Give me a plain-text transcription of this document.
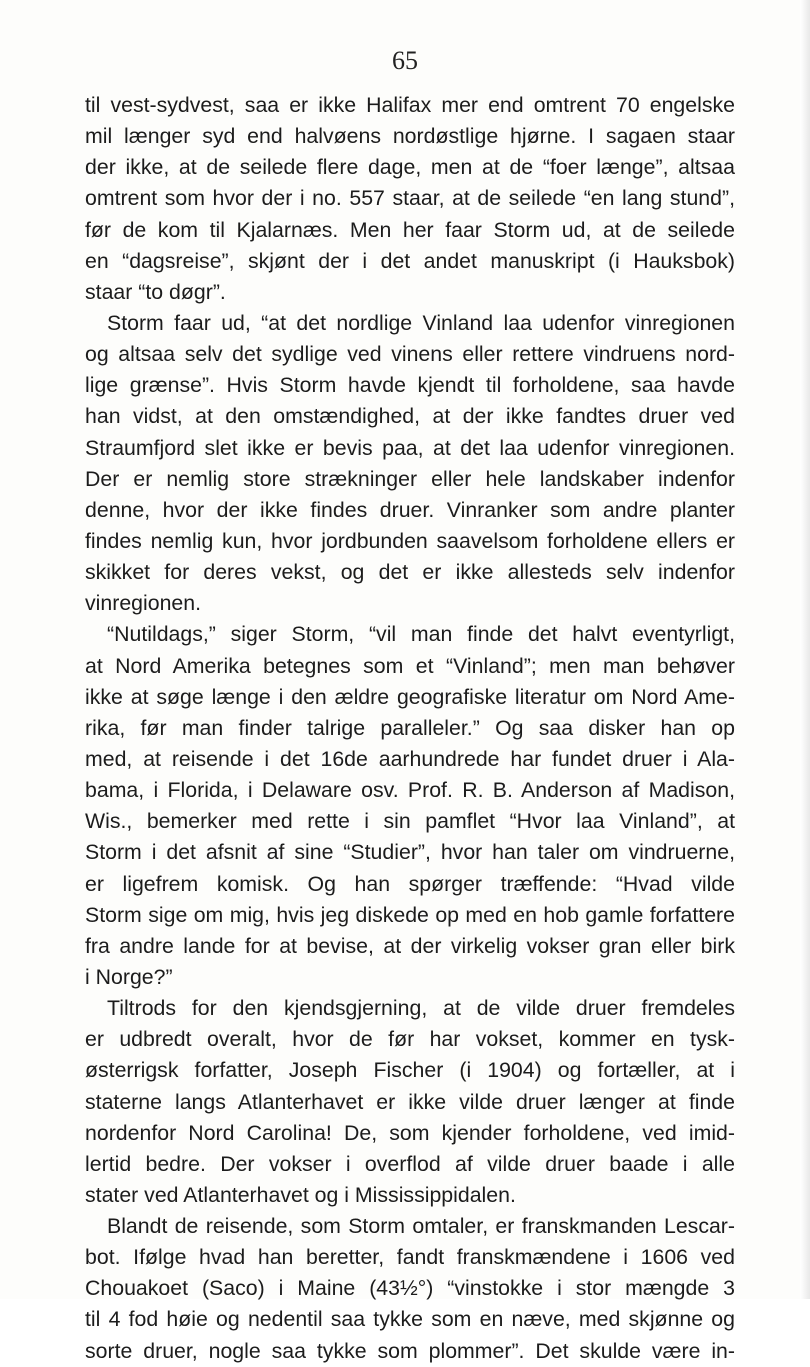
65
til vest-sydvest, saa er ikke Halifax mer end omtrent 70 engelske
mil længer syd end halvøens nordøstlige hjørne. I sagaen staar
der ikke, at de seilede flere dage, men at de “foer længe”, altsaa
omtrent som hvor der i no. 557 staar, at de seilede “en lang stund”,
før de kom til Kjalarnæs. Men her faar Storm ud, at de seilede
en “dagsreise”, skjønt der i det andet manuskript (i Hauksbok)
staar “to døgr”.
Storm faar ud, “at det nordlige Vinland laa udenfor vinregionen
og altsaa selv det sydlige ved vinens eller rettere vindruens nord-
lige grænse”. Hvis Storm havde kjendt til forholdene, saa havde
han vidst, at den omstændighed, at der ikke fandtes druer ved
Straumfjord slet ikke er bevis paa, at det laa udenfor vinregionen.
Der er nemlig store strækninger eller hele landskaber indenfor
denne, hvor der ikke findes druer. Vinranker som andre planter
findes nemlig kun, hvor jordbunden saavelsom forholdene ellers er
skikket for deres vekst, og det er ikke allesteds selv indenfor
vinregionen.
“Nutildags,” siger Storm, “vil man finde det halvt eventyrligt,
at Nord Amerika betegnes som et “Vinland”; men man behøver
ikke at søge længe i den ældre geografiske literatur om Nord Ame-
rika, før man finder talrige paralleler.” Og saa disker han op
med, at reisende i det 16de aarhundrede har fundet druer i Ala-
bama, i Florida, i Delaware osv. Prof. R. B. Anderson af Madison,
Wis., bemerker med rette i sin pamflet “Hvor laa Vinland”, at
Storm i det afsnit af sine “Studier”, hvor han taler om vindruerne,
er ligefrem komisk. Og han spørger træffende: “Hvad vilde
Storm sige om mig, hvis jeg diskede op med en hob gamle forfattere
fra andre lande for at bevise, at der virkelig vokser gran eller birk
i Norge?”
Tiltrods for den kjendsgjerning, at de vilde druer fremdeles
er udbredt overalt, hvor de før har vokset, kommer en tysk-
østerrigsk forfatter, Joseph Fischer (i 1904) og fortæller, at i
staterne langs Atlanterhavet er ikke vilde druer længer at finde
nordenfor Nord Carolina! De, som kjender forholdene, ved imid-
lertid bedre. Der vokser i overflod af vilde druer baade i alle
stater ved Atlanterhavet og i Mississippidalen.
Blandt de reisende, som Storm omtaler, er franskmanden Lescar-
bot. Ifølge hvad han beretter, fandt franskmændene i 1606 ved
Chouakoet (Saco) i Maine (43½°) “vinstokke i stor mængde 3
til 4 fod høie og nedentil saa tykke som en næve, med skjønne og
sorte druer, nogle saa tykke som plommer”. Det skulde være in-
